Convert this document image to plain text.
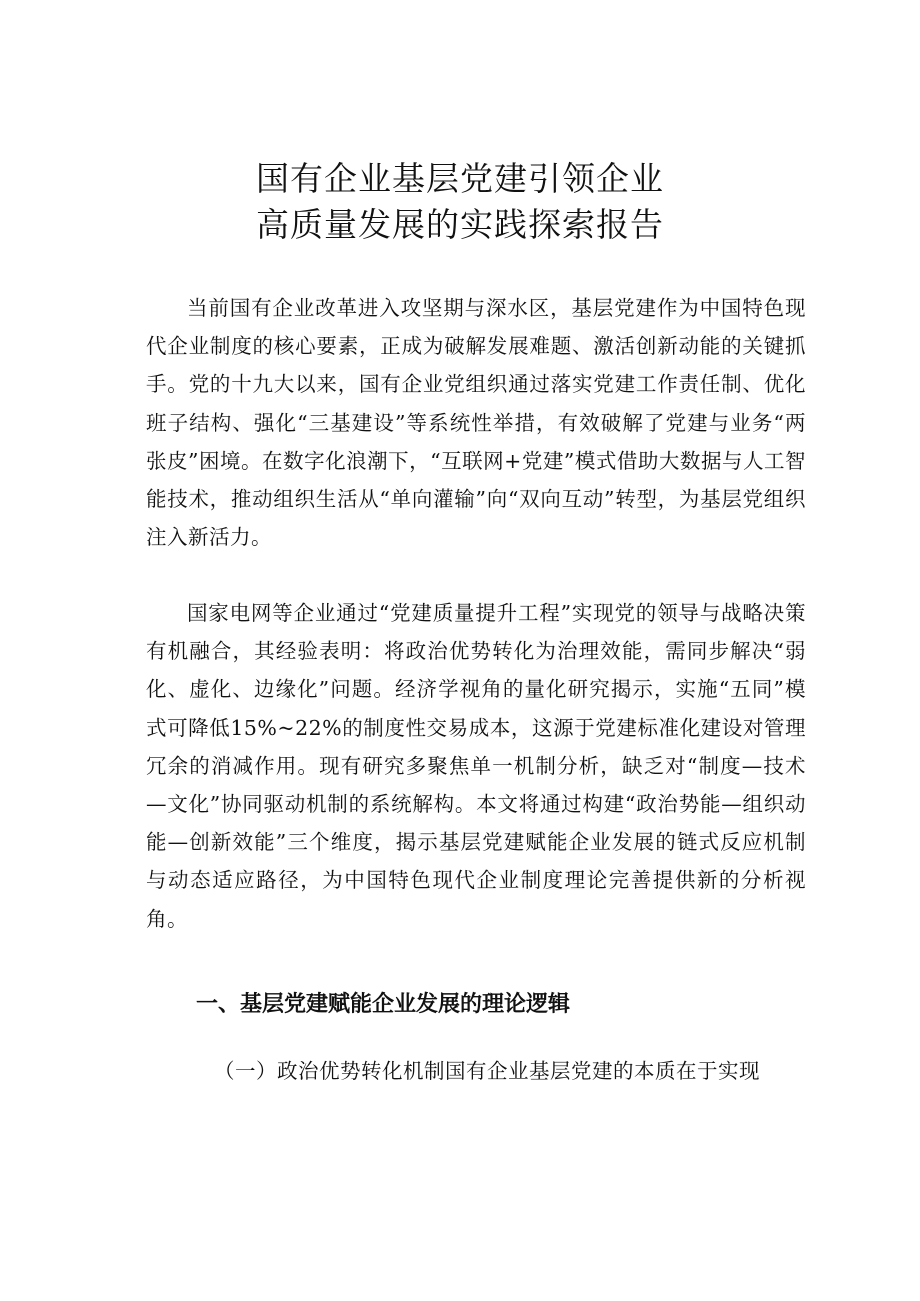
国有企业基层党建引领企业
高质量发展的实践探索报告

当前国有企业改革进入攻坚期与深水区，基层党建作为中国特色现代企业制度的核心要素，正成为破解发展难题、激活创新动能的关键抓手。党的十九大以来，国有企业党组织通过落实党建工作责任制、优化班子结构、强化“三基建设”等系统性举措，有效破解了党建与业务“两张皮”困境。在数字化浪潮下，“互联网+党建”模式借助大数据与人工智能技术，推动组织生活从“单向灌输”向“双向互动”转型，为基层党组织注入新活力。

国家电网等企业通过“党建质量提升工程”实现党的领导与战略决策有机融合，其经验表明：将政治优势转化为治理效能，需同步解决“弱化、虚化、边缘化”问题。经济学视角的量化研究揭示，实施“五同”模式可降低15%~22%的制度性交易成本，这源于党建标准化建设对管理冗余的消减作用。现有研究多聚焦单一机制分析，缺乏对“制度—技术—文化”协同驱动机制的系统解构。本文将通过构建“政治势能—组织动能—创新效能”三个维度，揭示基层党建赋能企业发展的链式反应机制与动态适应路径，为中国特色现代企业制度理论完善提供新的分析视角。

一、基层党建赋能企业发展的理论逻辑

（一）政治优势转化机制国有企业基层党建的本质在于实现
